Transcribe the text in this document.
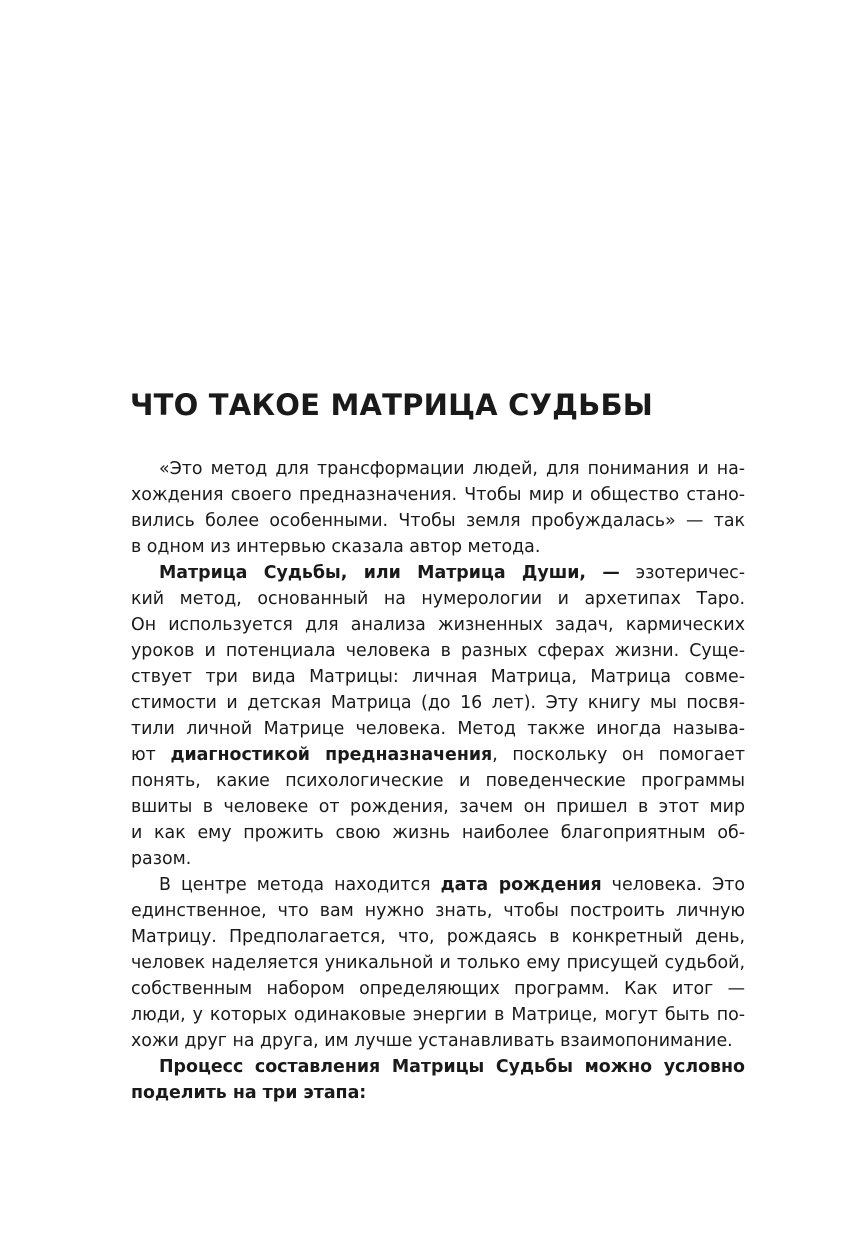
ЧТО ТАКОЕ МАТРИЦА СУДЬБЫ
«Это метод для трансформации людей, для понимания и на-
хождения своего предназначения. Чтобы мир и общество стано-
вились более особенными. Чтобы земля пробуждалась» — так
в одном из интервью сказала автор метода.
Матрица Судьбы, или Матрица Души, — эзотеричес-
кий метод, основанный на нумерологии и архетипах Таро.
Он используется для анализа жизненных задач, кармических
уроков и потенциала человека в разных сферах жизни. Суще-
ствует три вида Матрицы: личная Матрица, Матрица совме-
стимости и детская Матрица (до 16 лет). Эту книгу мы посвя-
тили личной Матрице человека. Метод также иногда называ-
ют диагностикой предназначения, поскольку он помогает
понять, какие психологические и поведенческие программы
вшиты в человеке от рождения, зачем он пришел в этот мир
и как ему прожить свою жизнь наиболее благоприятным об-
разом.
В центре метода находится дата рождения человека. Это
единственное, что вам нужно знать, чтобы построить личную
Матрицу. Предполагается, что, рождаясь в конкретный день,
человек наделяется уникальной и только ему присущей судьбой,
собственным набором определяющих программ. Как итог —
люди, у которых одинаковые энергии в Матрице, могут быть по-
хожи друг на друга, им лучше устанавливать взаимопонимание.
Процесс составления Матрицы Судьбы можно условно
поделить на три этапа:
